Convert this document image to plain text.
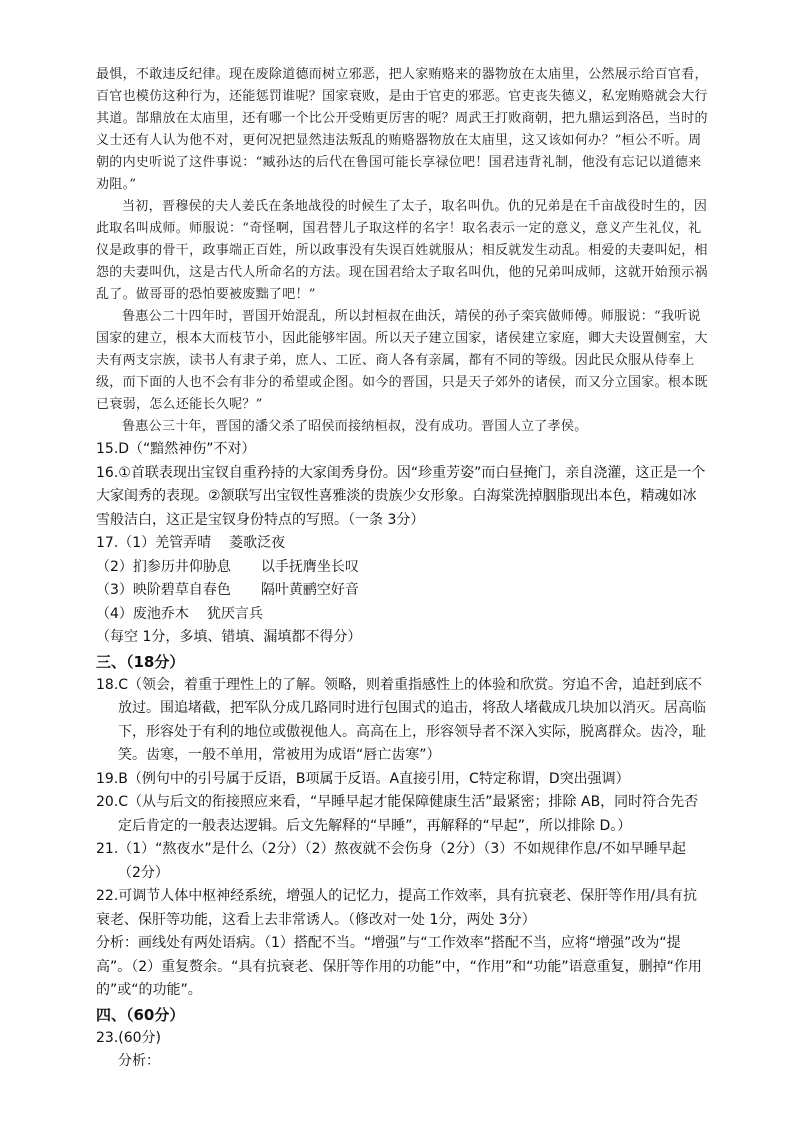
最惧，不敢违反纪律。现在废除道德而树立邪恶，把人家贿赂来的器物放在太庙里，公然展示给百官看，百官也模仿这种行为，还能惩罚谁呢？国家衰败，是由于官吏的邪恶。官吏丧失德义，私宠贿赂就会大行其道。郜鼎放在太庙里，还有哪一个比公开受贿更厉害的呢？周武王打败商朝，把九鼎运到洛邑，当时的义士还有人认为他不对，更何况把显然违法叛乱的贿赂器物放在太庙里，这又该如何办？”桓公不听。周朝的内史听说了这件事说：“臧孙达的后代在鲁国可能长享禄位吧！国君违背礼制，他没有忘记以道德来劝阻。”

当初，晋穆侯的夫人姜氏在条地战役的时候生了太子，取名叫仇。仇的兄弟是在千亩战役时生的，因此取名叫成师。师服说：“奇怪啊，国君替儿子取这样的名字！取名表示一定的意义，意义产生礼仪，礼仪是政事的骨干，政事端正百姓，所以政事没有失误百姓就服从；相反就发生动乱。相爱的夫妻叫妃，相怨的夫妻叫仇，这是古代人所命名的方法。现在国君给太子取名叫仇，他的兄弟叫成师，这就开始预示祸乱了。做哥哥的恐怕要被废黜了吧！”

鲁惠公二十四年时，晋国开始混乱，所以封桓叔在曲沃，靖侯的孙子栾宾做师傅。师服说：“我听说国家的建立，根本大而枝节小，因此能够牢固。所以天子建立国家，诸侯建立家庭，卿大夫设置侧室，大夫有两支宗族，读书人有隶子弟，庶人、工匠、商人各有亲属，都有不同的等级。因此民众服从侍奉上级，而下面的人也不会有非分的希望或企图。如今的晋国，只是天子郊外的诸侯，而又分立国家。根本既已衰弱，怎么还能长久呢？”

鲁惠公三十年，晋国的潘父杀了昭侯而接纳桓叔，没有成功。晋国人立了孝侯。

15.D（“黯然神伤”不对）

16.①首联表现出宝钗自重矜持的大家闺秀身份。因“珍重芳姿”而白昼掩门，亲自浇灌，这正是一个大家闺秀的表现。②颔联写出宝钗性喜雅淡的贵族少女形象。白海棠洗掉胭脂现出本色，精魂如冰雪般洁白，这正是宝钗身份特点的写照。（一条 3分）

17.（1）羌管弄晴 菱歌泛夜

（2）扪参历井仰胁息 以手抚膺坐长叹

（3）映阶碧草自春色 隔叶黄鹂空好音

（4）废池乔木 犹厌言兵

（每空 1分，多填、错填、漏填都不得分）

三、（18分）

18.C（领会，着重于理性上的了解。领略，则着重指感性上的体验和欣赏。穷追不舍，追赶到底不放过。围追堵截，把军队分成几路同时进行包围式的追击，将敌人堵截成几块加以消灭。居高临下，形容处于有利的地位或傲视他人。高高在上，形容领导者不深入实际，脱离群众。齿冷，耻笑。齿寒，一般不单用，常被用为成语“唇亡齿寒”）

19.B（例句中的引号属于反语，B项属于反语。A直接引用，C特定称谓，D突出强调）

20.C（从与后文的衔接照应来看，“早睡早起才能保障健康生活”最紧密；排除 AB，同时符合先否定后肯定的一般表达逻辑。后文先解释的“早睡”，再解释的“早起”，所以排除 D。）

21.（1）“熬夜水”是什么（2分）（2）熬夜就不会伤身（2分）（3）不如规律作息/不如早睡早起（2分）

22.可调节人体中枢神经系统，增强人的记忆力，提高工作效率，具有抗衰老、保肝等作用/具有抗衰老、保肝等功能，这看上去非常诱人。（修改对一处 1分，两处 3分）

分析：画线处有两处语病。（1）搭配不当。“增强”与“工作效率”搭配不当，应将“增强”改为“提高”。（2）重复赘余。“具有抗衰老、保肝等作用的功能”中，“作用”和“功能”语意重复，删掉“作用的”或“的功能”。

四、（60分）

23.(60分)

分析：
